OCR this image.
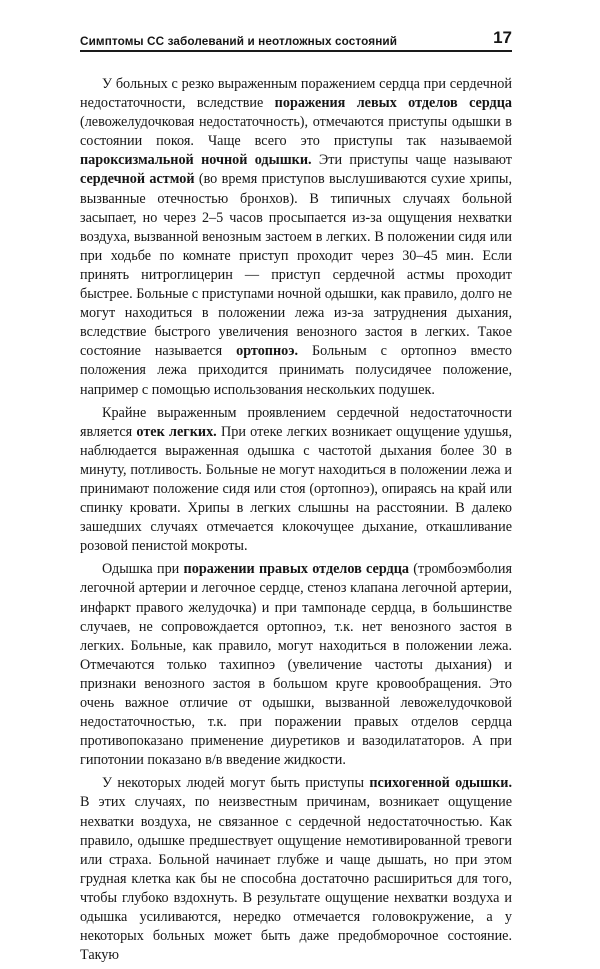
Симптомы СС заболеваний и неотложных состояний	17

У больных с резко выраженным поражением сердца при сердечной недостаточности, вследствие поражения левых отделов сердца (левожелудочковая недостаточность), отмечаются приступы одышки в состоянии покоя. Чаще всего это приступы так называемой пароксизмальной ночной одышки. Эти приступы чаще называют сердечной астмой (во время приступов выслушиваются сухие хрипы, вызванные отечностью бронхов). В типичных случаях больной засыпает, но через 2–5 часов просыпается из-за ощущения нехватки воздуха, вызванной венозным застоем в легких. В положении сидя или при ходьбе по комнате приступ проходит через 30–45 мин. Если принять нитроглицерин — приступ сердечной астмы проходит быстрее. Больные с приступами ночной одышки, как правило, долго не могут находиться в положении лежа из-за затруднения дыхания, вследствие быстрого увеличения венозного застоя в легких. Такое состояние называется ортопноэ. Больным с ортопноэ вместо положения лежа приходится принимать полусидячее положение, например с помощью использования нескольких подушек.

Крайне выраженным проявлением сердечной недостаточности является отек легких. При отеке легких возникает ощущение удушья, наблюдается выраженная одышка с частотой дыхания более 30 в минуту, потливость. Больные не могут находиться в положении лежа и принимают положение сидя или стоя (ортопноэ), опираясь на край или спинку кровати. Хрипы в легких слышны на расстоянии. В далеко зашедших случаях отмечается клокочущее дыхание, откашливание розовой пенистой мокроты.

Одышка при поражении правых отделов сердца (тромбоэмболия легочной артерии и легочное сердце, стеноз клапана легочной артерии, инфаркт правого желудочка) и при тампонаде сердца, в большинстве случаев, не сопровождается ортопноэ, т.к. нет венозного застоя в легких. Больные, как правило, могут находиться в положении лежа. Отмечаются только тахипноэ (увеличение частоты дыхания) и признаки венозного застоя в большом круге кровообращения. Это очень важное отличие от одышки, вызванной левожелудочковой недостаточностью, т.к. при поражении правых отделов сердца противопоказано применение диуретиков и вазодилататоров. А при гипотонии показано в/в введение жидкости.

У некоторых людей могут быть приступы психогенной одышки. В этих случаях, по неизвестным причинам, возникает ощущение нехватки воздуха, не связанное с сердечной недостаточностью. Как правило, одышке предшествует ощущение немотивированной тревоги или страха. Больной начинает глубже и чаще дышать, но при этом грудная клетка как бы не способна достаточно расшириться для того, чтобы глубоко вздохнуть. В результате ощущение нехватки воздуха и одышка усиливаются, нередко отмечается головокружение, а у некоторых больных может быть даже предобморочное состояние. Такую
